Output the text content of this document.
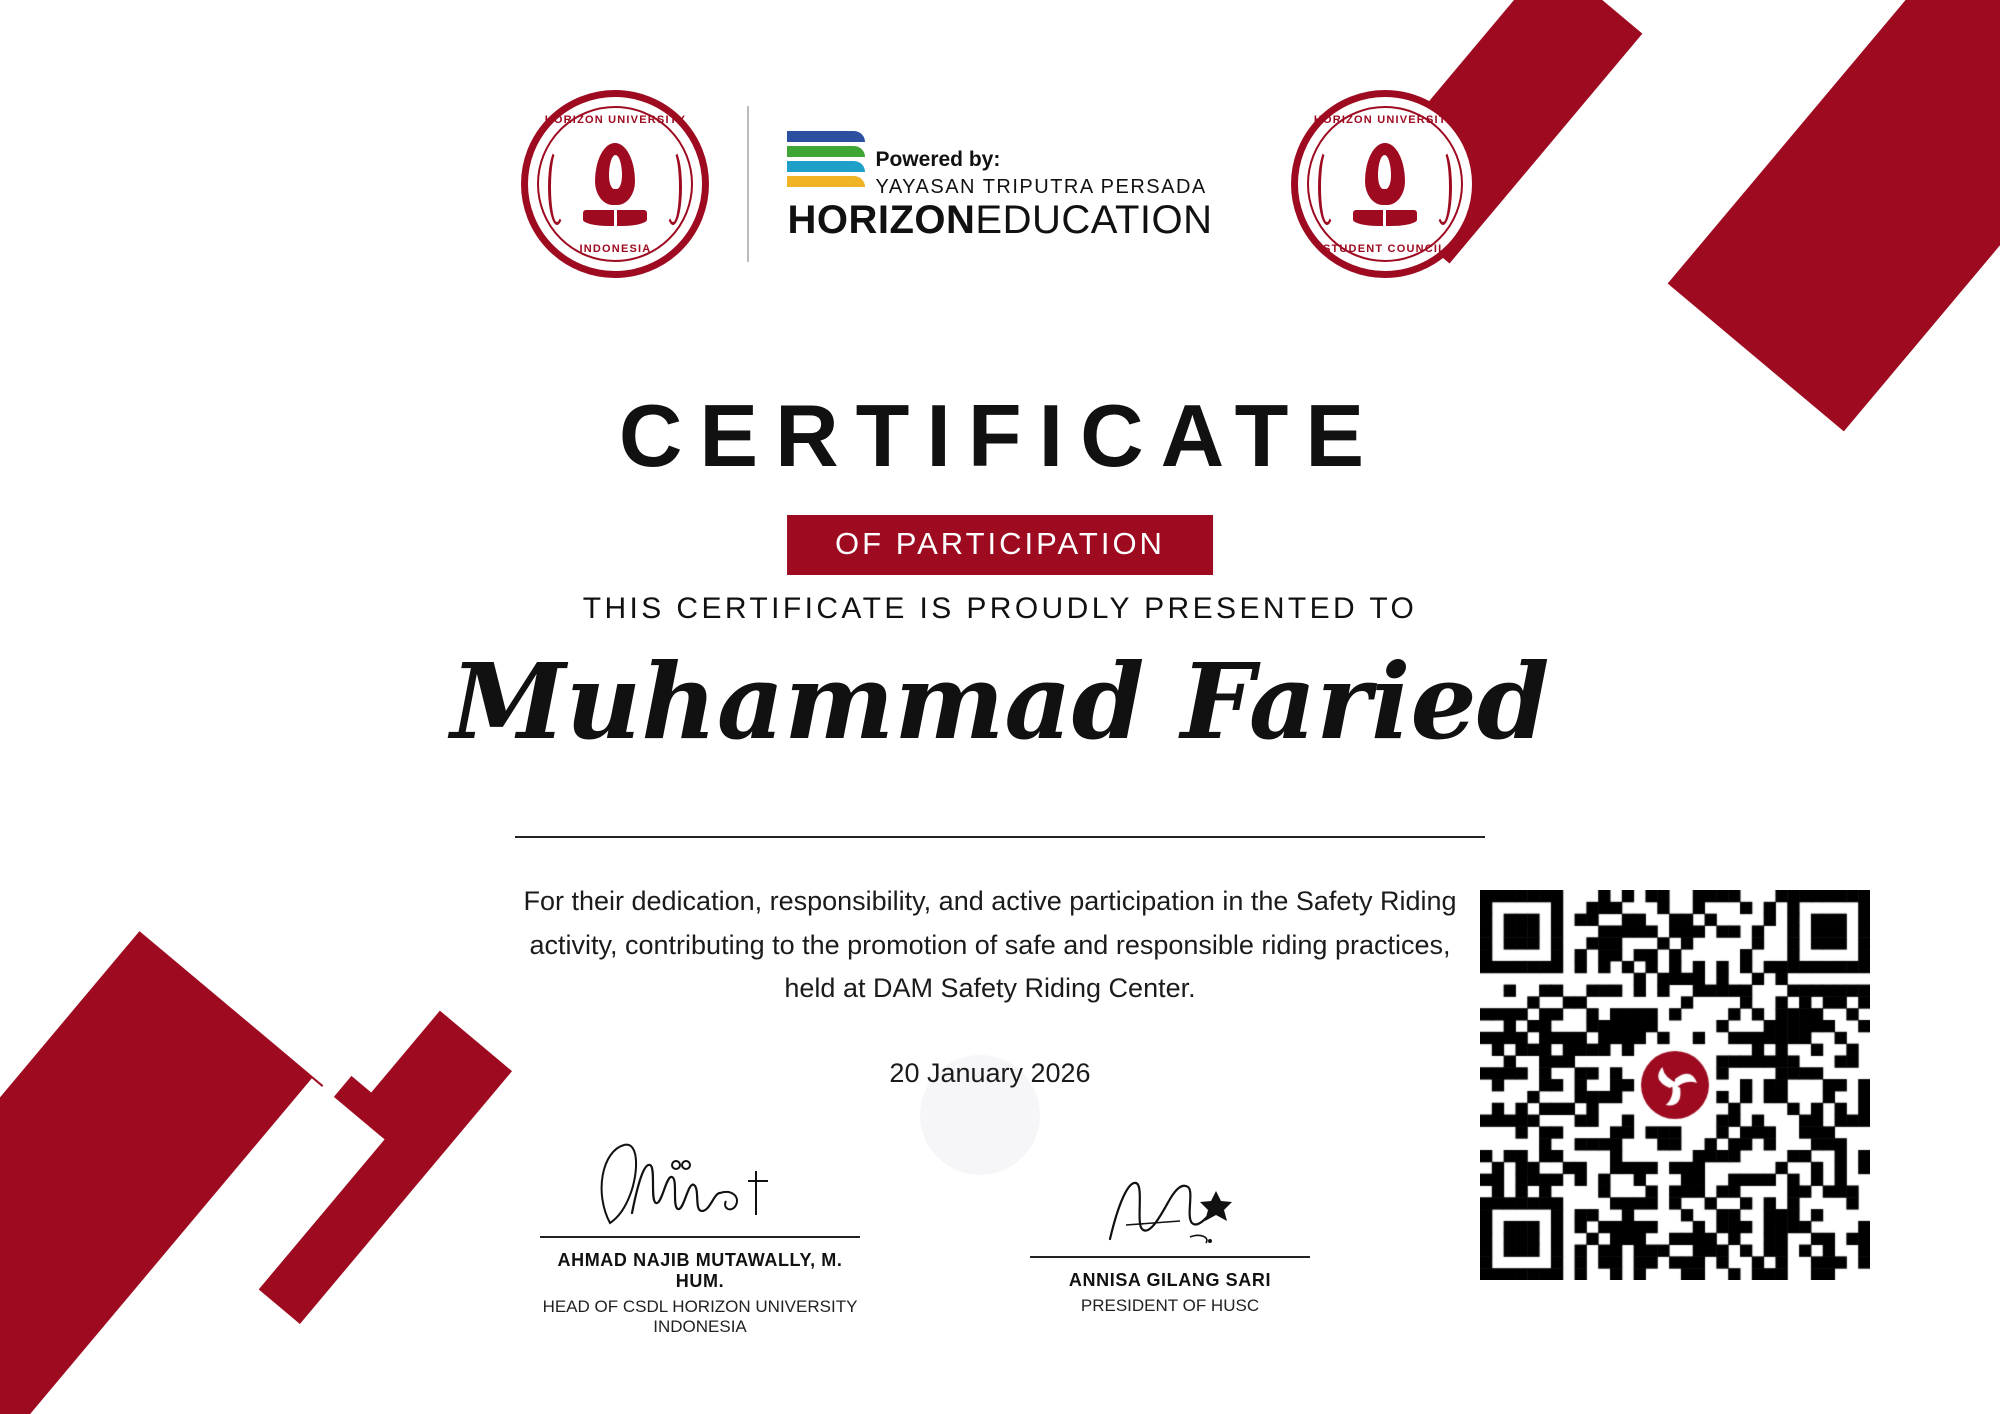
HORIZON UNIVERSITY
INDONESIA
Powered by:
YAYASAN TRIPUTRA PERSADA
HORIZONEDUCATION
HORIZON UNIVERSITY
STUDENT COUNCIL
CERTIFICATE
OF PARTICIPATION
THIS CERTIFICATE IS PROUDLY PRESENTED TO
Muhammad Faried
For their dedication, responsibility, and active participation in the Safety Riding activity, contributing to the promotion of safe and responsible riding practices, held at DAM Safety Riding Center.
20 January 2026
AHMAD NAJIB MUTAWALLY, M. HUM.
HEAD OF CSDL HORIZON UNIVERSITY INDONESIA
ANNISA GILANG SARI
PRESIDENT OF HUSC
